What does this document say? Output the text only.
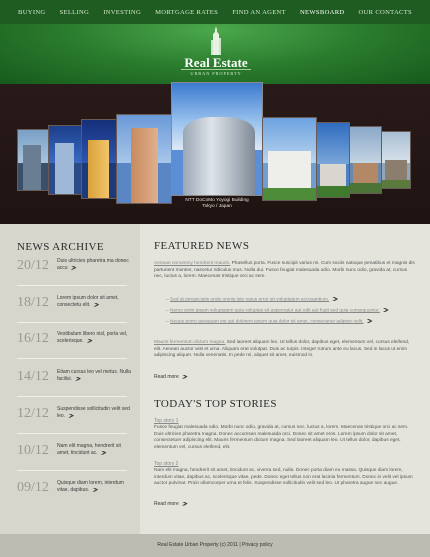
BUYING SELLING INVESTING MORTGAGE RATES FIND AN AGENT NEWSBOARD OUR CONTACTS
Real Estate
URBAN PROPERTY
NTT DoCoMo Yoyogi Building
Tokyo / Japan
NEWS ARCHIVE
20/12 Duis ultricies pharetra ma donec accu
18/12 Lorem ipsum dolor sit amet, consectetu elit.
16/12 Vestibulum libero nisl, porta vel, scelerisque.
14/12 Etiam cursus leo vel metus. Nulla facilisi.
12/12 Suspendisse sollicitudin velit sed leo.
10/12 Nam elit magna, hendrerit sit amet, tincidunt ac.
09/12 Quisque diam lorem, interdum vitae, dapibus.
FEATURED NEWS
Aenean nonummy hendrerit mauris. Phasellus porta. Fusce suscipit varius mi. Cum sociis natoque penatibus et magnis dis parturient montes, nascetur ridiculus mus. Nulla dui. Fusce feugiat malesuada odio. Morbi nunc odio, gravida at, cursus nec, luctus a, lorem. Maecenas tristique orci ac sem.
– Sed at perspiciatis unde omnis iste natus error sit voluptatem accusantium.
– Nemo enim ipsam voluptatem quia voluptas sit aspernatur aut odit aut fugit sed quia consequuntur.
– Neque porro quisquam est qui dolorem ipsum quia dolor sit amet, consectetur adipisci velit.
Mauris fermentum dictum magna. Sed laoreet aliquam leo. Ut tellus dolor, dapibus eget, elementum vel, cursus eleifend, elit. Aenean auctor wisi et urna. Aliquam erat volutpat. Duis ac turpis. Integer rutrum ante eu lacus. Sed in lacus ut enim adipiscing aliquet. Nulla venenatis. In pede mi, aliquet sit amet, euismod in.
Read more
TODAY'S TOP STORIES
Top story 1
Fusce feugiat malesuada odio. Morbi nunc odio, gravida at, cursus nec, luctus a, lorem. Maecenas tristique orci ac sem. Duis ultricies pharetra magna. Donec accumsan malesuada orci. Donec sit amet eros. Lorem ipsum dolor sit amet, consectetuer adipiscing elit. Mauris fermentum dictum magna. Sed laoreet aliquam leo. Ut tellus dolor, dapibus eget, elementum vel, cursus eleifend, elit.
Top story 2
Nam elit magna, hendrerit sit amet, tincidunt ac, viverra sed, nulla. Donec porta diam eu massa. Quisque diam lorem, interdum vitae, dapibus ac, scelerisque vitae, pede. Donec eget tellus non erat lacinia fermentum. Donec in velit vel ipsum auctor pulvinar. Proin ullamcorper urna et felis. Suspendisse sollicitudin velit sed leo. Ut pharetra augue nec augue.
Read more
Real Estate Urban Property (c) 2011 | Privacy policy
